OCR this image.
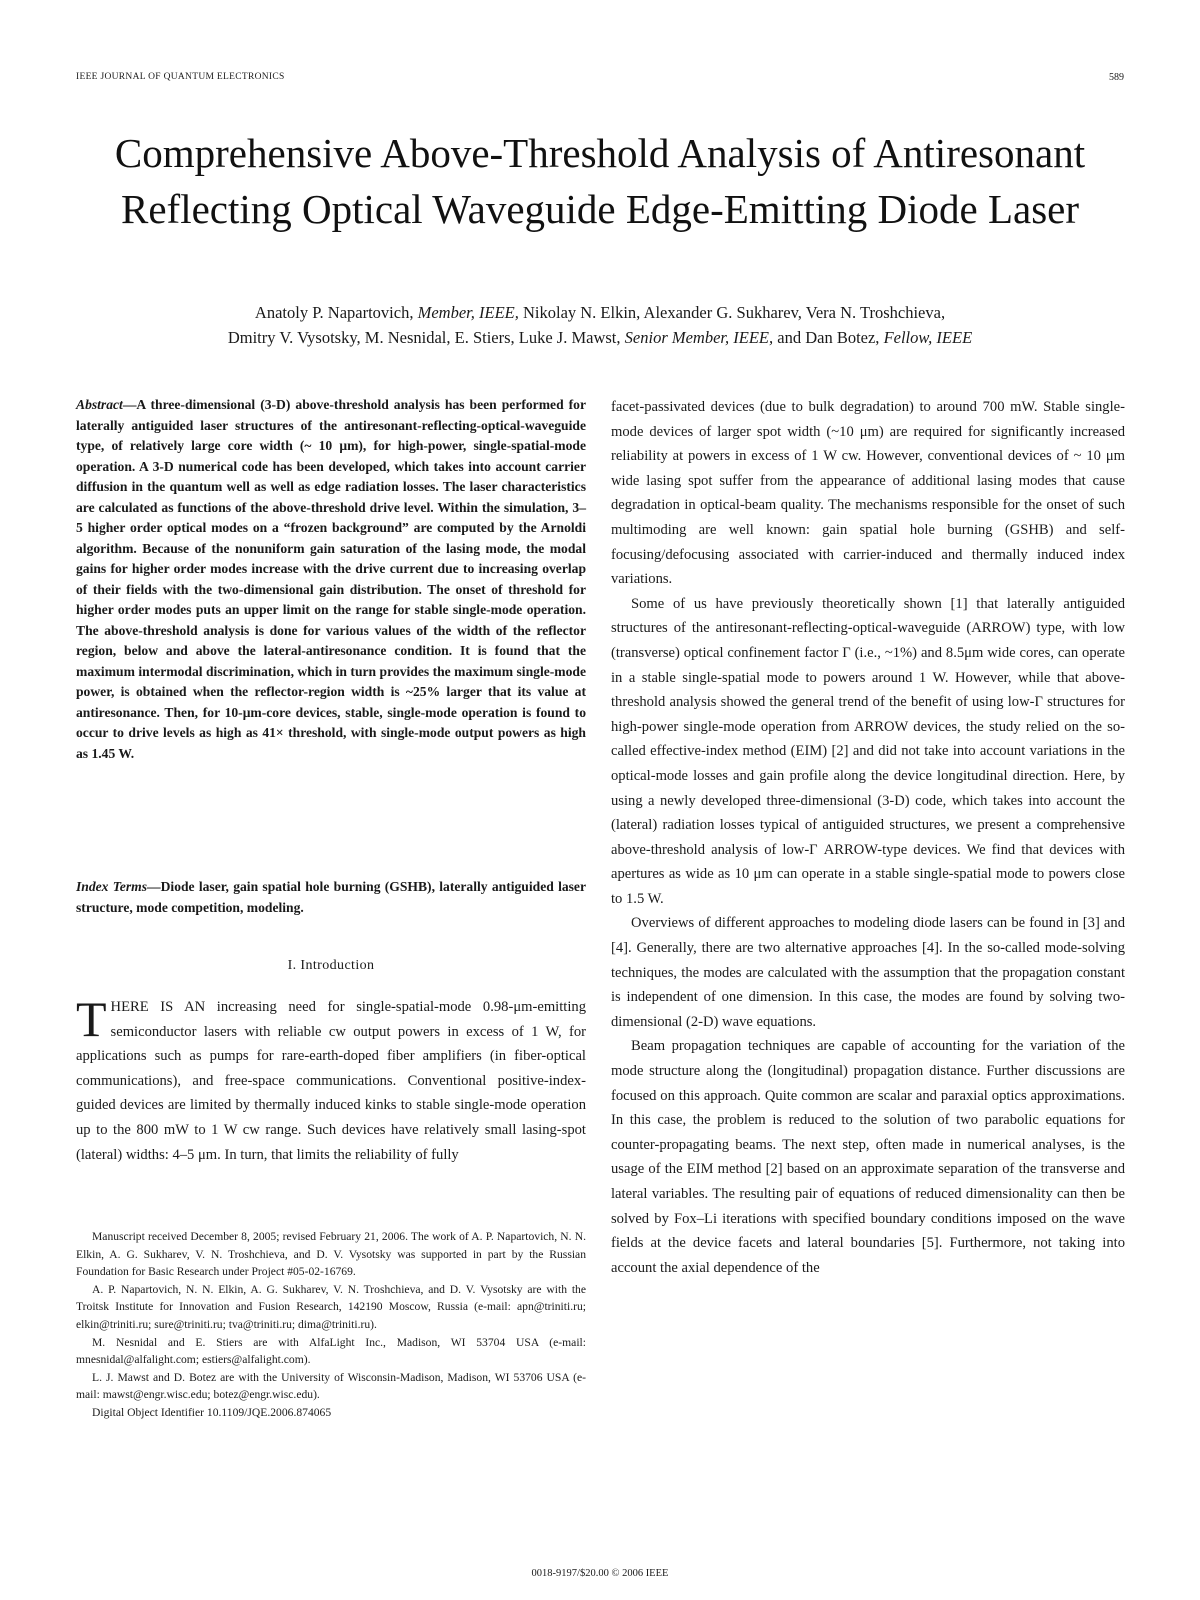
IEEE JOURNAL OF QUANTUM ELECTRONICS	589
Comprehensive Above-Threshold Analysis of Antiresonant Reflecting Optical Waveguide Edge-Emitting Diode Laser
Anatoly P. Napartovich, Member, IEEE, Nikolay N. Elkin, Alexander G. Sukharev, Vera N. Troshchieva,
Dmitry V. Vysotsky, M. Nesnidal, E. Stiers, Luke J. Mawst, Senior Member, IEEE, and Dan Botez, Fellow, IEEE
Abstract—A three-dimensional (3-D) above-threshold analysis has been performed for laterally antiguided laser structures of the antiresonant-reflecting-optical-waveguide type, of relatively large core width (~ 10 μm), for high-power, single-spatial-mode operation. A 3-D numerical code has been developed, which takes into account carrier diffusion in the quantum well as well as edge radiation losses. The laser characteristics are calculated as functions of the above-threshold drive level. Within the simulation, 3–5 higher order optical modes on a “frozen background” are computed by the Arnoldi algorithm. Because of the nonuniform gain saturation of the lasing mode, the modal gains for higher order modes increase with the drive current due to increasing overlap of their fields with the two-dimensional gain distribution. The onset of threshold for higher order modes puts an upper limit on the range for stable single-mode operation. The above-threshold analysis is done for various values of the width of the reflector region, below and above the lateral-antiresonance condition. It is found that the maximum intermodal discrimination, which in turn provides the maximum single-mode power, is obtained when the reflector-region width is ~25% larger that its value at antiresonance. Then, for 10-μm-core devices, stable, single-mode operation is found to occur to drive levels as high as 41× threshold, with single-mode output powers as high as 1.45 W.
Index Terms—Diode laser, gain spatial hole burning (GSHB), laterally antiguided laser structure, mode competition, modeling.
I. Introduction
THERE IS AN increasing need for single-spatial-mode 0.98-μm-emitting semiconductor lasers with reliable cw output powers in excess of 1 W, for applications such as pumps for rare-earth-doped fiber amplifiers (in fiber-optical communications), and free-space communications. Conventional positive-index-guided devices are limited by thermally induced kinks to stable single-mode operation up to the 800 mW to 1 W cw range. Such devices have relatively small lasing-spot (lateral) widths: 4–5 μm. In turn, that limits the reliability of fully

Manuscript received December 8, 2005; revised February 21, 2006. The work of A. P. Napartovich, N. N. Elkin, A. G. Sukharev, V. N. Troshchieva, and D. V. Vysotsky was supported in part by the Russian Foundation for Basic Research under Project #05-02-16769.

A. P. Napartovich, N. N. Elkin, A. G. Sukharev, V. N. Troshchieva, and D. V. Vysotsky are with the Troitsk Institute for Innovation and Fusion Research, 142190 Moscow, Russia (e-mail: apn@triniti.ru; elkin@triniti.ru; sure@triniti.ru; tva@triniti.ru; dima@triniti.ru).

M. Nesnidal and E. Stiers are with AlfaLight Inc., Madison, WI 53704 USA (e-mail: mnesnidal@alfalight.com; estiers@alfalight.com).

L. J. Mawst and D. Botez are with the University of Wisconsin-Madison, Madison, WI 53706 USA (e-mail: mawst@engr.wisc.edu; botez@engr.wisc.edu).

Digital Object Identifier 10.1109/JQE.2006.874065

facet-passivated devices (due to bulk degradation) to around 700 mW. Stable single-mode devices of larger spot width (~10 μm) are required for significantly increased reliability at powers in excess of 1 W cw. However, conventional devices of ~ 10 μm wide lasing spot suffer from the appearance of additional lasing modes that cause degradation in optical-beam quality. The mechanisms responsible for the onset of such multimoding are well known: gain spatial hole burning (GSHB) and self-focusing/defocusing associated with carrier-induced and thermally induced index variations.

Some of us have previously theoretically shown [1] that laterally antiguided structures of the antiresonant-reflecting-optical-waveguide (ARROW) type, with low (transverse) optical confinement factor Γ (i.e., ~1%) and 8.5μm wide cores, can operate in a stable single-spatial mode to powers around 1 W. However, while that above-threshold analysis showed the general trend of the benefit of using low-Γ structures for high-power single-mode operation from ARROW devices, the study relied on the so-called effective-index method (EIM) [2] and did not take into account variations in the optical-mode losses and gain profile along the device longitudinal direction. Here, by using a newly developed three-dimensional (3-D) code, which takes into account the (lateral) radiation losses typical of antiguided structures, we present a comprehensive above-threshold analysis of low-Γ ARROW-type devices. We find that devices with apertures as wide as 10 μm can operate in a stable single-spatial mode to powers close to 1.5 W.

Overviews of different approaches to modeling diode lasers can be found in [3] and [4]. Generally, there are two alternative approaches [4]. In the so-called mode-solving techniques, the modes are calculated with the assumption that the propagation constant is independent of one dimension. In this case, the modes are found by solving two-dimensional (2-D) wave equations.

Beam propagation techniques are capable of accounting for the variation of the mode structure along the (longitudinal) propagation distance. Further discussions are focused on this approach. Quite common are scalar and paraxial optics approximations. In this case, the problem is reduced to the solution of two parabolic equations for counter-propagating beams. The next step, often made in numerical analyses, is the usage of the EIM method [2] based on an approximate separation of the transverse and lateral variables. The resulting pair of equations of reduced dimensionality can then be solved by Fox–Li iterations with specified boundary conditions imposed on the wave fields at the device facets and lateral boundaries [5]. Furthermore, not taking into account the axial dependence of the

0018-9197/$20.00 © 2006 IEEE
